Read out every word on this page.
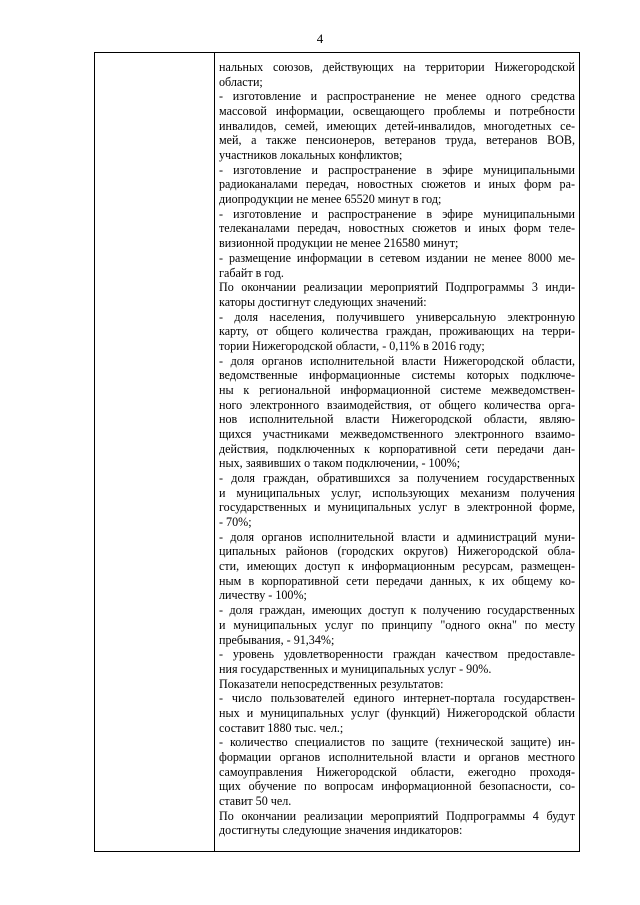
4
нальных союзов, действующих на территории Нижегородской
области;
- изготовление и распространение не менее одного средства
массовой информации, освещающего проблемы и потребности
инвалидов, семей, имеющих детей-инвалидов, многодетных се-
мей, а также пенсионеров, ветеранов труда, ветеранов ВОВ,
участников локальных конфликтов;
- изготовление и распространение в эфире муниципальными
радиоканалами передач, новостных сюжетов и иных форм ра-
диопродукции не менее 65520 минут в год;
- изготовление и распространение в эфире муниципальными
телеканалами передач, новостных сюжетов и иных форм теле-
визионной продукции не менее 216580 минут;
- размещение информации в сетевом издании не менее 8000 ме-
габайт в год.
По окончании реализации мероприятий Подпрограммы 3 инди-
каторы достигнут следующих значений:
- доля населения, получившего универсальную электронную
карту, от общего количества граждан, проживающих на терри-
тории Нижегородской области, - 0,11% в 2016 году;
- доля органов исполнительной власти Нижегородской области,
ведомственные информационные системы которых подключе-
ны к региональной информационной системе межведомствен-
ного электронного взаимодействия, от общего количества орга-
нов исполнительной власти Нижегородской области, являю-
щихся участниками межведомственного электронного взаимо-
действия, подключенных к корпоративной сети передачи дан-
ных, заявивших о таком подключении, - 100%;
- доля граждан, обратившихся за получением государственных
и муниципальных услуг, использующих механизм получения
государственных и муниципальных услуг в электронной форме,
- 70%;
- доля органов исполнительной власти и администраций муни-
ципальных районов (городских округов) Нижегородской обла-
сти, имеющих доступ к информационным ресурсам, размещен-
ным в корпоративной сети передачи данных, к их общему ко-
личеству - 100%;
- доля граждан, имеющих доступ к получению государственных
и муниципальных услуг по принципу "одного окна" по месту
пребывания, - 91,34%;
- уровень удовлетворенности граждан качеством предоставле-
ния государственных и муниципальных услуг - 90%.
Показатели непосредственных результатов:
- число пользователей единого интернет-портала государствен-
ных и муниципальных услуг (функций) Нижегородской области
составит 1880 тыс. чел.;
- количество специалистов по защите (технической защите) ин-
формации органов исполнительной власти и органов местного
самоуправления Нижегородской области, ежегодно проходя-
щих обучение по вопросам информационной безопасности, со-
ставит 50 чел.
По окончании реализации мероприятий Подпрограммы 4 будут
достигнуты следующие значения индикаторов:
